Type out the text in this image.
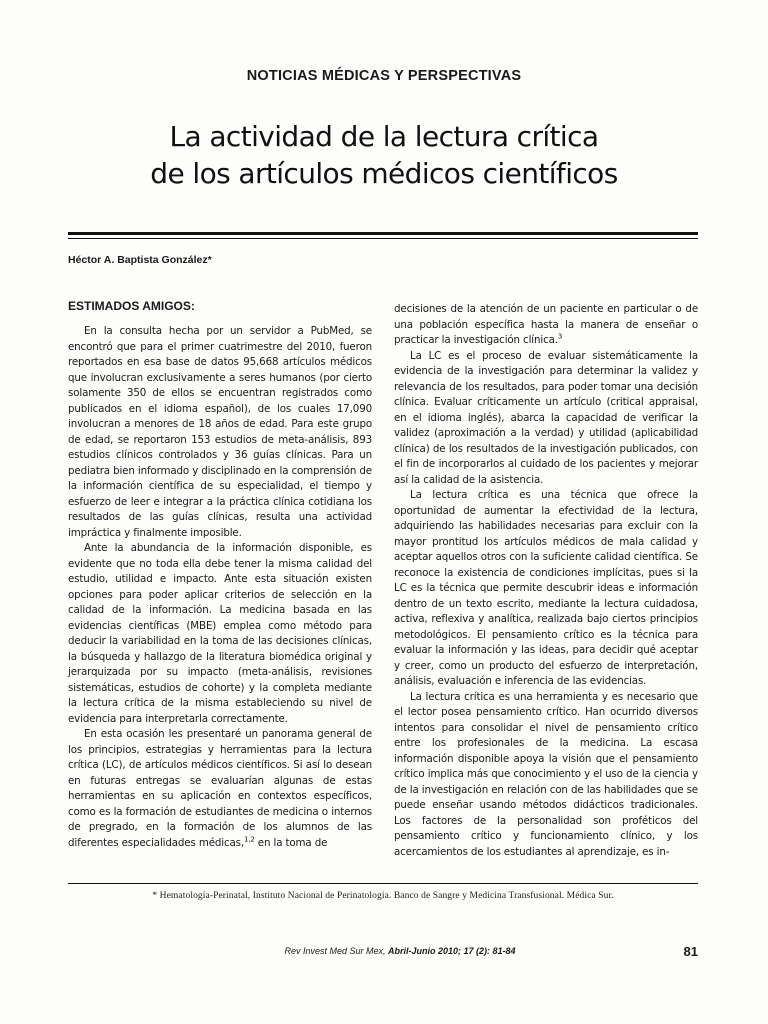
NOTICIAS MÉDICAS Y PERSPECTIVAS
La actividad de la lectura crítica
de los artículos médicos científicos
Héctor A. Baptista González*
ESTIMADOS AMIGOS:

En la consulta hecha por un servidor a PubMed, se encontró que para el primer cuatrimestre del 2010, fueron reportados en esa base de datos 95,668 artículos médicos que involucran exclusivamente a seres humanos (por cierto solamente 350 de ellos se encuentran registrados como publicados en el idioma español), de los cuales 17,090 involucran a menores de 18 años de edad. Para este grupo de edad, se reportaron 153 estudios de meta-análisis, 893 estudios clínicos controlados y 36 guías clínicas. Para un pediatra bien informado y disciplinado en la comprensión de la información científica de su especialidad, el tiempo y esfuerzo de leer e integrar a la práctica clínica cotidiana los resultados de las guías clínicas, resulta una actividad impráctica y finalmente imposible.

Ante la abundancia de la información disponible, es evidente que no toda ella debe tener la misma calidad del estudio, utilidad e impacto. Ante esta situación existen opciones para poder aplicar criterios de selección en la calidad de la información. La medicina basada en las evidencias científicas (MBE) emplea como método para deducir la variabilidad en la toma de las decisiones clínicas, la búsqueda y hallazgo de la literatura biomédica original y jerarquizada por su impacto (meta-análisis, revisiones sistemáticas, estudios de cohorte) y la completa mediante la lectura crítica de la misma estableciendo su nivel de evidencia para interpretarla correctamente.

En esta ocasión les presentaré un panorama general de los principios, estrategias y herramientas para la lectura crítica (LC), de artículos médicos científicos. Si así lo desean en futuras entregas se evaluarían algunas de estas herramientas en su aplicación en contextos específicos, como es la formación de estudiantes de medicina o internos de pregrado, en la formación de los alumnos de las diferentes especialidades médicas,$^{1,2}$ en la toma de

decisiones de la atención de un paciente en particular o de una población específica hasta la manera de enseñar o practicar la investigación clínica.$^3$

La LC es el proceso de evaluar sistemáticamente la evidencia de la investigación para determinar la validez y relevancia de los resultados, para poder tomar una decisión clínica. Evaluar críticamente un artículo (critical appraisal, en el idioma inglés), abarca la capacidad de verificar la validez (aproximación a la verdad) y utilidad (aplicabilidad clínica) de los resultados de la investigación publicados, con el fin de incorporarlos al cuidado de los pacientes y mejorar así la calidad de la asistencia.

La lectura crítica es una técnica que ofrece la oportunidad de aumentar la efectividad de la lectura, adquiriendo las habilidades necesarias para excluir con la mayor prontitud los artículos médicos de mala calidad y aceptar aquellos otros con la suficiente calidad científica. Se reconoce la existencia de condiciones implícitas, pues si la LC es la técnica que permite descubrir ideas e información dentro de un texto escrito, mediante la lectura cuidadosa, activa, reflexiva y analítica, realizada bajo ciertos principios metodológicos. El pensamiento crítico es la técnica para evaluar la información y las ideas, para decidir qué aceptar y creer, como un producto del esfuerzo de interpretación, análisis, evaluación e inferencia de las evidencias.

La lectura crítica es una herramienta y es necesario que el lector posea pensamiento crítico. Han ocurrido diversos intentos para consolidar el nivel de pensamiento crítico entre los profesionales de la medicina. La escasa información disponible apoya la visión que el pensamiento crítico implica más que conocimiento y el uso de la ciencia y de la investigación en relación con de las habilidades que se puede enseñar usando métodos didácticos tradicionales. Los factores de la personalidad son proféticos del pensamiento crítico y funcionamiento clínico, y los acercamientos de los estudiantes al aprendizaje, es in-

* Hematología-Perinatal, Instituto Nacional de Perinatología. Banco de Sangre y Medicina Transfusional. Médica Sur.
Rev Invest Med Sur Mex, Abril-Junio 2010; 17 (2): 81-84	81
